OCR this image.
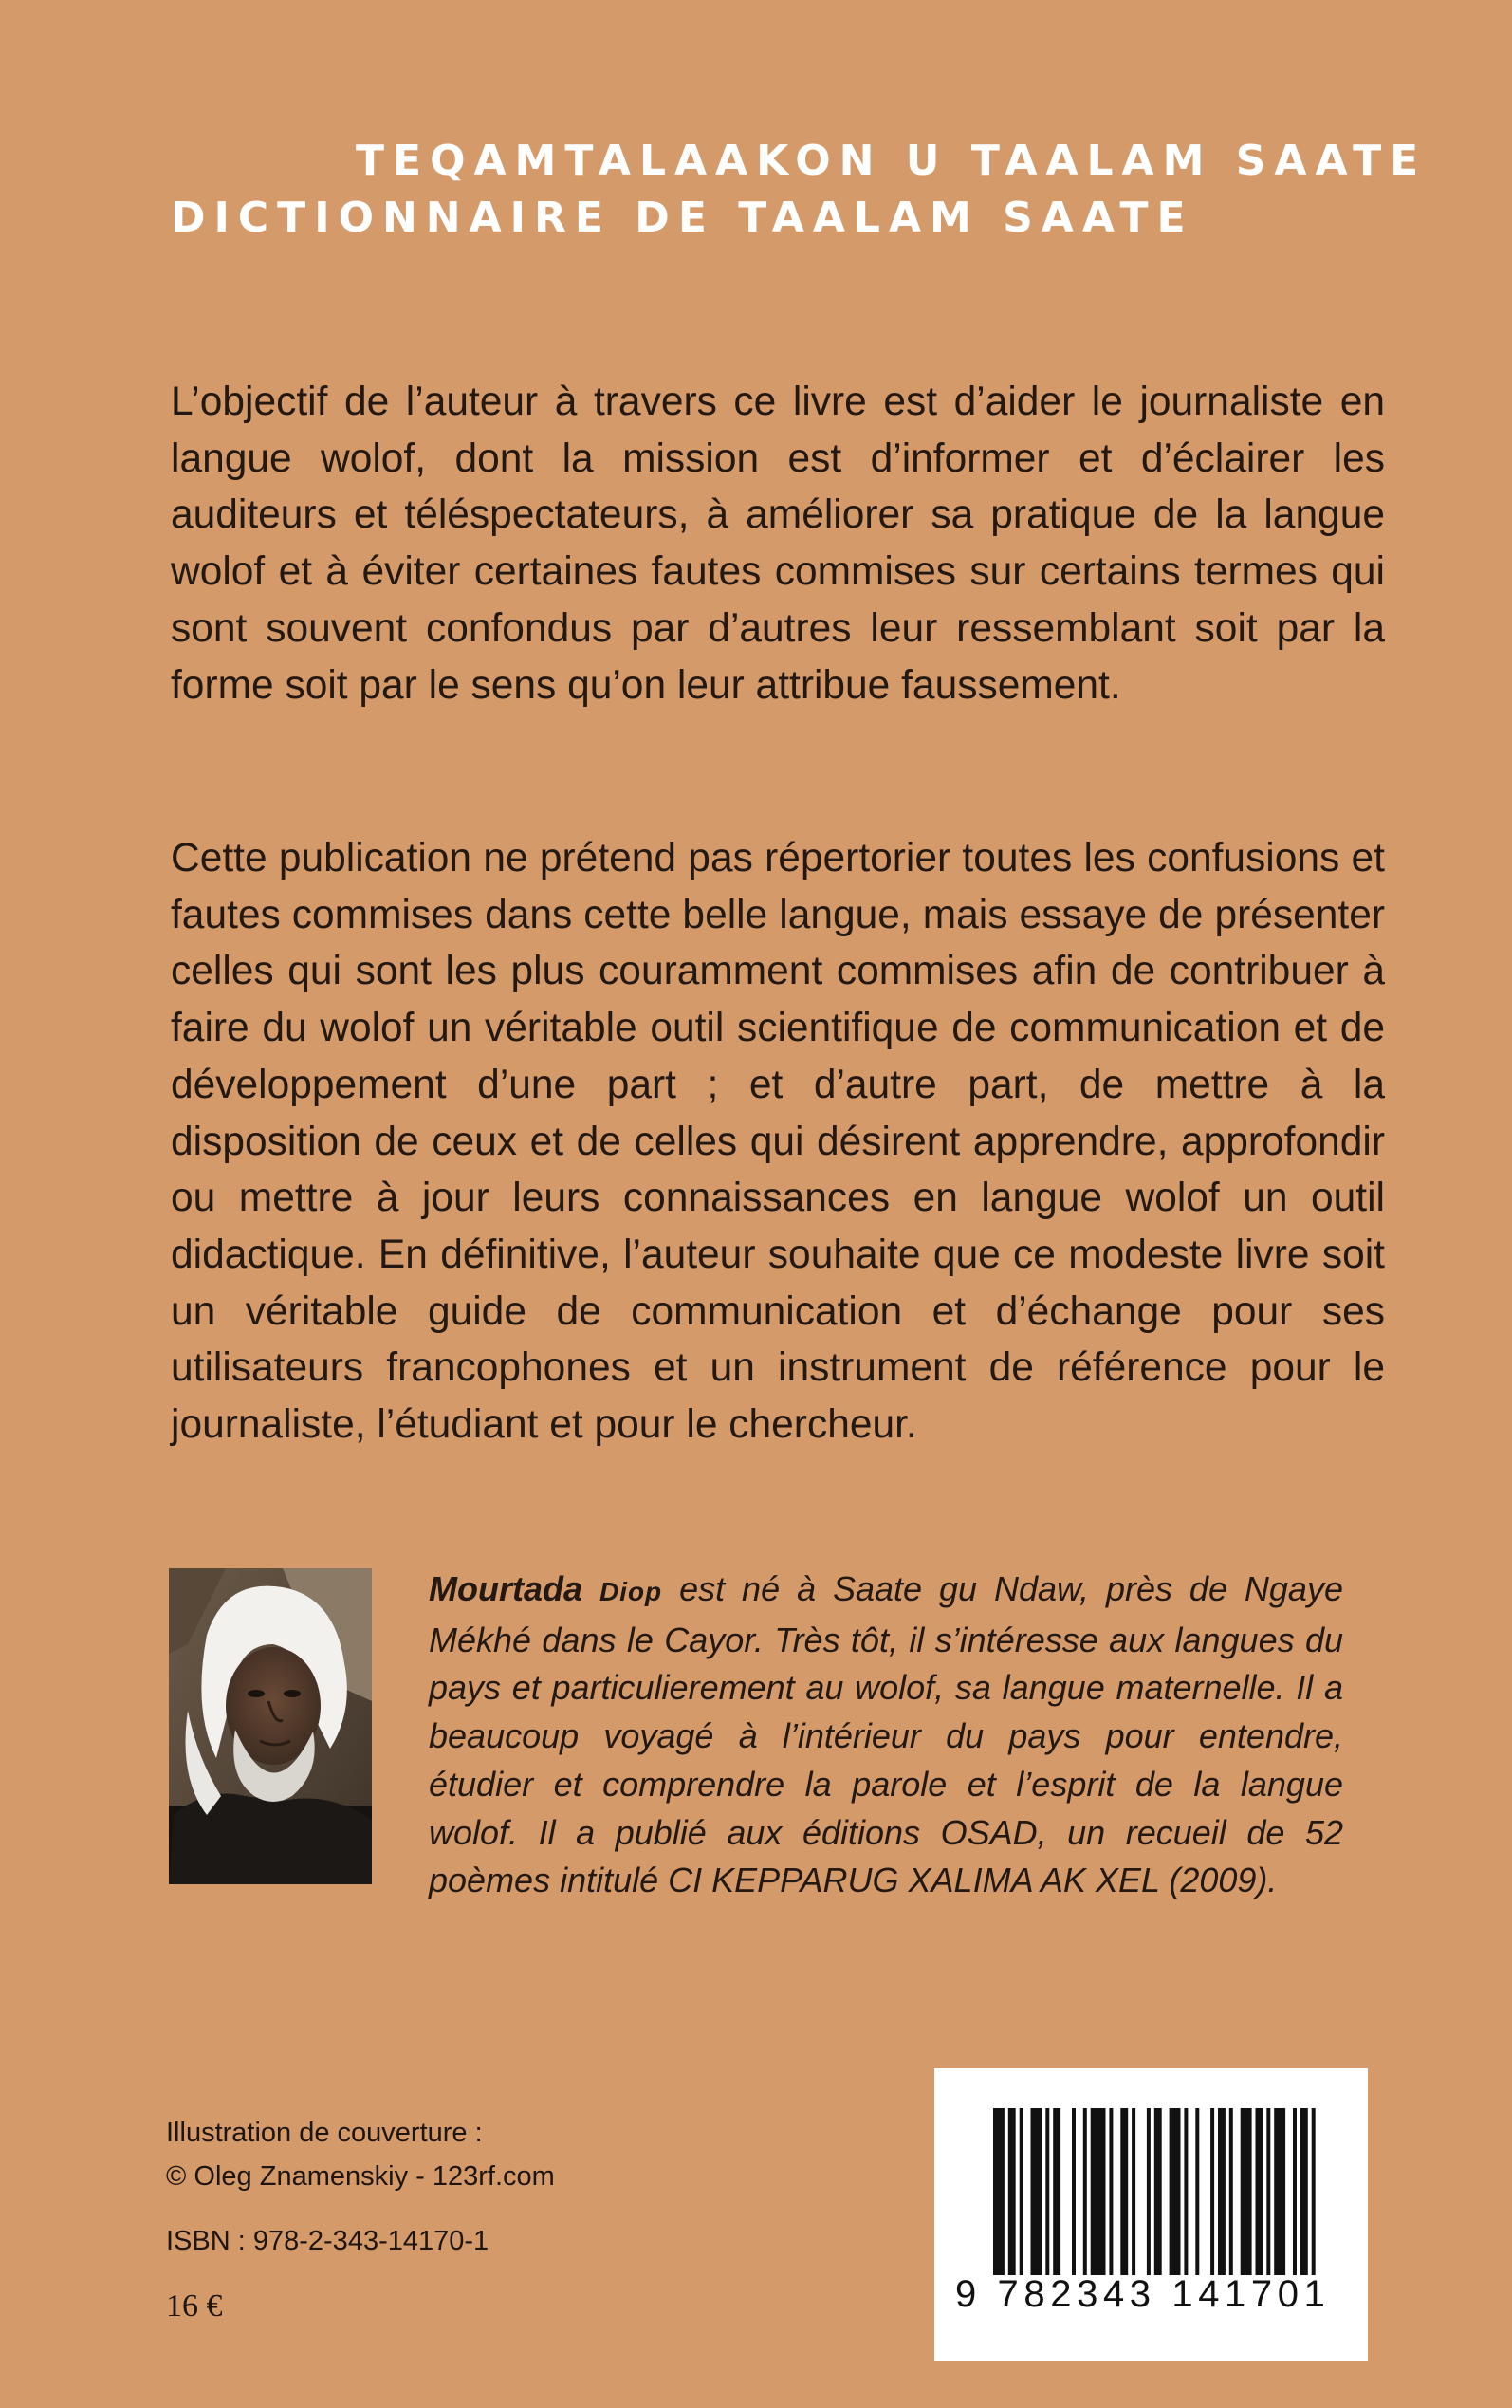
TEQAMTALAAKON U TAALAM SAATE
DICTIONNAIRE DE TAALAM SAATE

L’objectif de l’auteur à travers ce livre est d’aider le journaliste en langue wolof, dont la mission est d’informer et d’éclairer les auditeurs et téléspectateurs, à améliorer sa pratique de la langue wolof et à éviter certaines fautes commises sur certains termes qui sont souvent confondus par d’autres leur ressemblant soit par la forme soit par le sens qu’on leur attribue faussement.

Cette publication ne prétend pas répertorier toutes les confusions et fautes commises dans cette belle langue, mais essaye de présenter celles qui sont les plus couramment commises afin de contribuer à faire du wolof un véritable outil scientifique de communication et de développement d’une part ; et d’autre part, de mettre à la disposition de ceux et de celles qui désirent apprendre, approfondir ou mettre à jour leurs connaissances en langue wolof un outil didactique. En définitive, l’auteur souhaite que ce modeste livre soit un véritable guide de communication et d’échange pour ses utilisateurs francophones et un instrument de référence pour le journaliste, l’étudiant et pour le chercheur.

Mourtada Diop est né à Saate gu Ndaw, près de Ngaye Mékhé dans le Cayor. Très tôt, il s’intéresse aux langues du pays et particulierement au wolof, sa langue maternelle. Il a beaucoup voyagé à l’intérieur du pays pour entendre, étudier et comprendre la parole et l’esprit de la langue wolof. Il a publié aux éditions OSAD, un recueil de 52 poèmes intitulé CI KEPPARUG XALIMA AK XEL (2009).
Illustration de couverture :
© Oleg Znamenskiy - 123rf.com
ISBN : 978-2-343-14170-1
16 €	9 782343 141701
